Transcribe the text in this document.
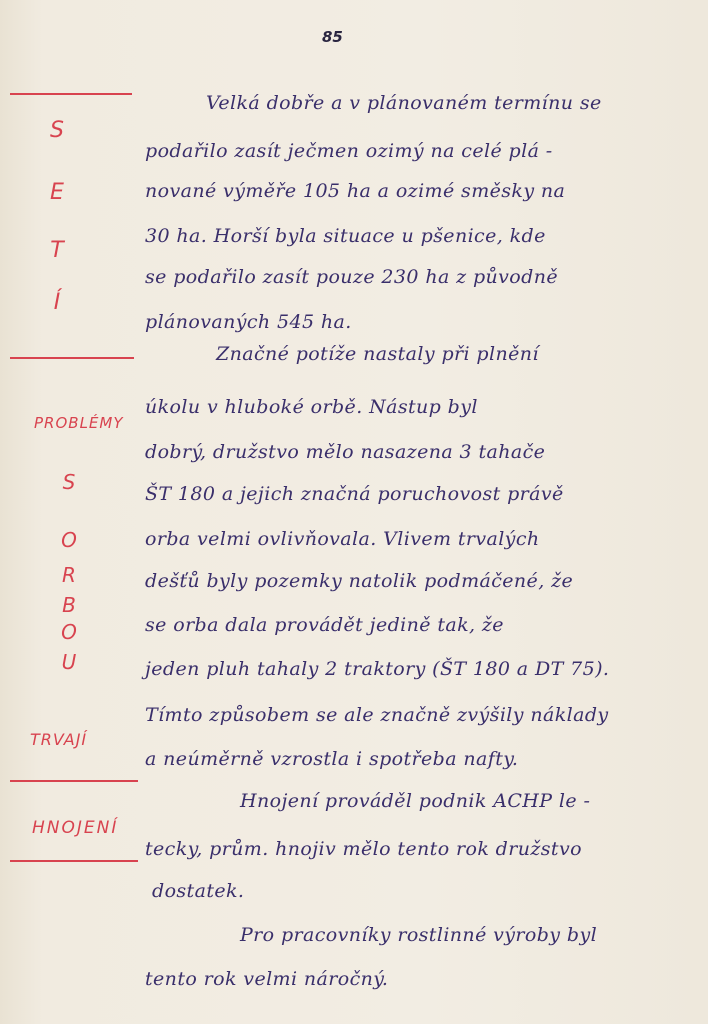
85
S
E
T
Í
PROBLÉMY
S
O
R
B
O
U
TRVAJÍ
HNOJENÍ
Velká dobře a v plánovaném termínu se
podařilo zasít ječmen ozimý na celé plá -
nované výměře 105 ha a ozimé směsky na
30 ha. Horší byla situace u pšenice, kde
se podařilo zasít pouze 230 ha z původně
plánovaných 545 ha.
Značné potíže nastaly při plnění
úkolu v hluboké orbě. Nástup byl
dobrý, družstvo mělo nasazena 3 tahače
ŠT 180 a jejich značná poruchovost právě
orba velmi ovlivňovala. Vlivem trvalých
dešťů byly pozemky natolik podmáčené, že
se orba dala provádět jedině tak, že
jeden pluh tahaly 2 traktory (ŠT 180 a DT 75).
Tímto způsobem se ale značně zvýšily náklady
a neúměrně vzrostla i spotřeba nafty.
Hnojení prováděl podnik ACHP le -
tecky, prům. hnojiv mělo tento rok družstvo
dostatek.
Pro pracovníky rostlinné výroby byl
tento rok velmi náročný.
